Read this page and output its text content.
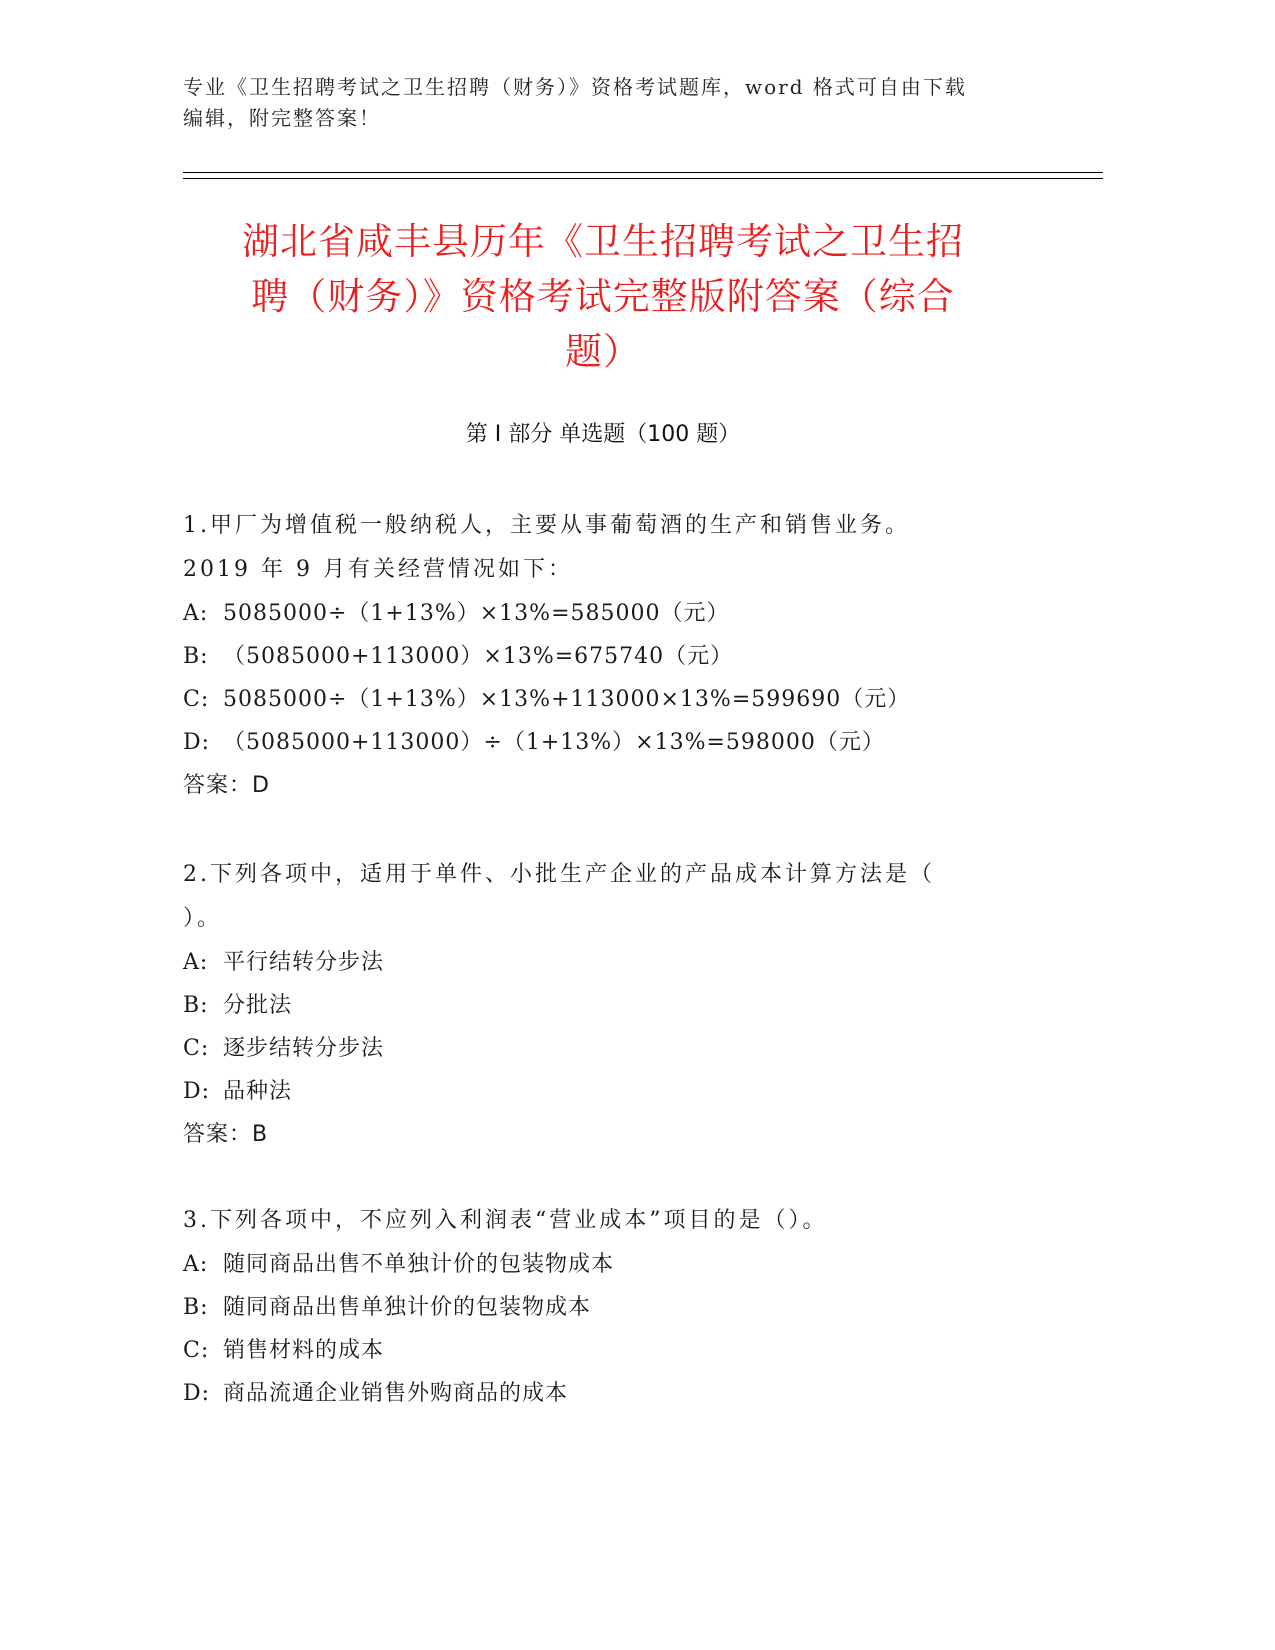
专业《卫生招聘考试之卫生招聘（财务）》资格考试题库，word 格式可自由下载
编辑，附完整答案！
湖北省咸丰县历年《卫生招聘考试之卫生招
聘（财务）》资格考试完整版附答案（综合
题）
第 I 部分 单选题（100 题）
1.甲厂为增值税一般纳税人，主要从事葡萄酒的生产和销售业务。
2019 年 9 月有关经营情况如下：
A: 5085000÷（1+13%）×13%=585000（元）
B: （5085000+113000）×13%=675740（元）
C: 5085000÷（1+13%）×13%+113000×13%=599690（元）
D: （5085000+113000）÷（1+13%）×13%=598000（元）
答案：D
2.下列各项中，适用于单件、小批生产企业的产品成本计算方法是（
）。
A: 平行结转分步法
B: 分批法
C: 逐步结转分步法
D: 品种法
答案：B
3.下列各项中，不应列入利润表“营业成本”项目的是（）。
A: 随同商品出售不单独计价的包装物成本
B: 随同商品出售单独计价的包装物成本
C: 销售材料的成本
D: 商品流通企业销售外购商品的成本
